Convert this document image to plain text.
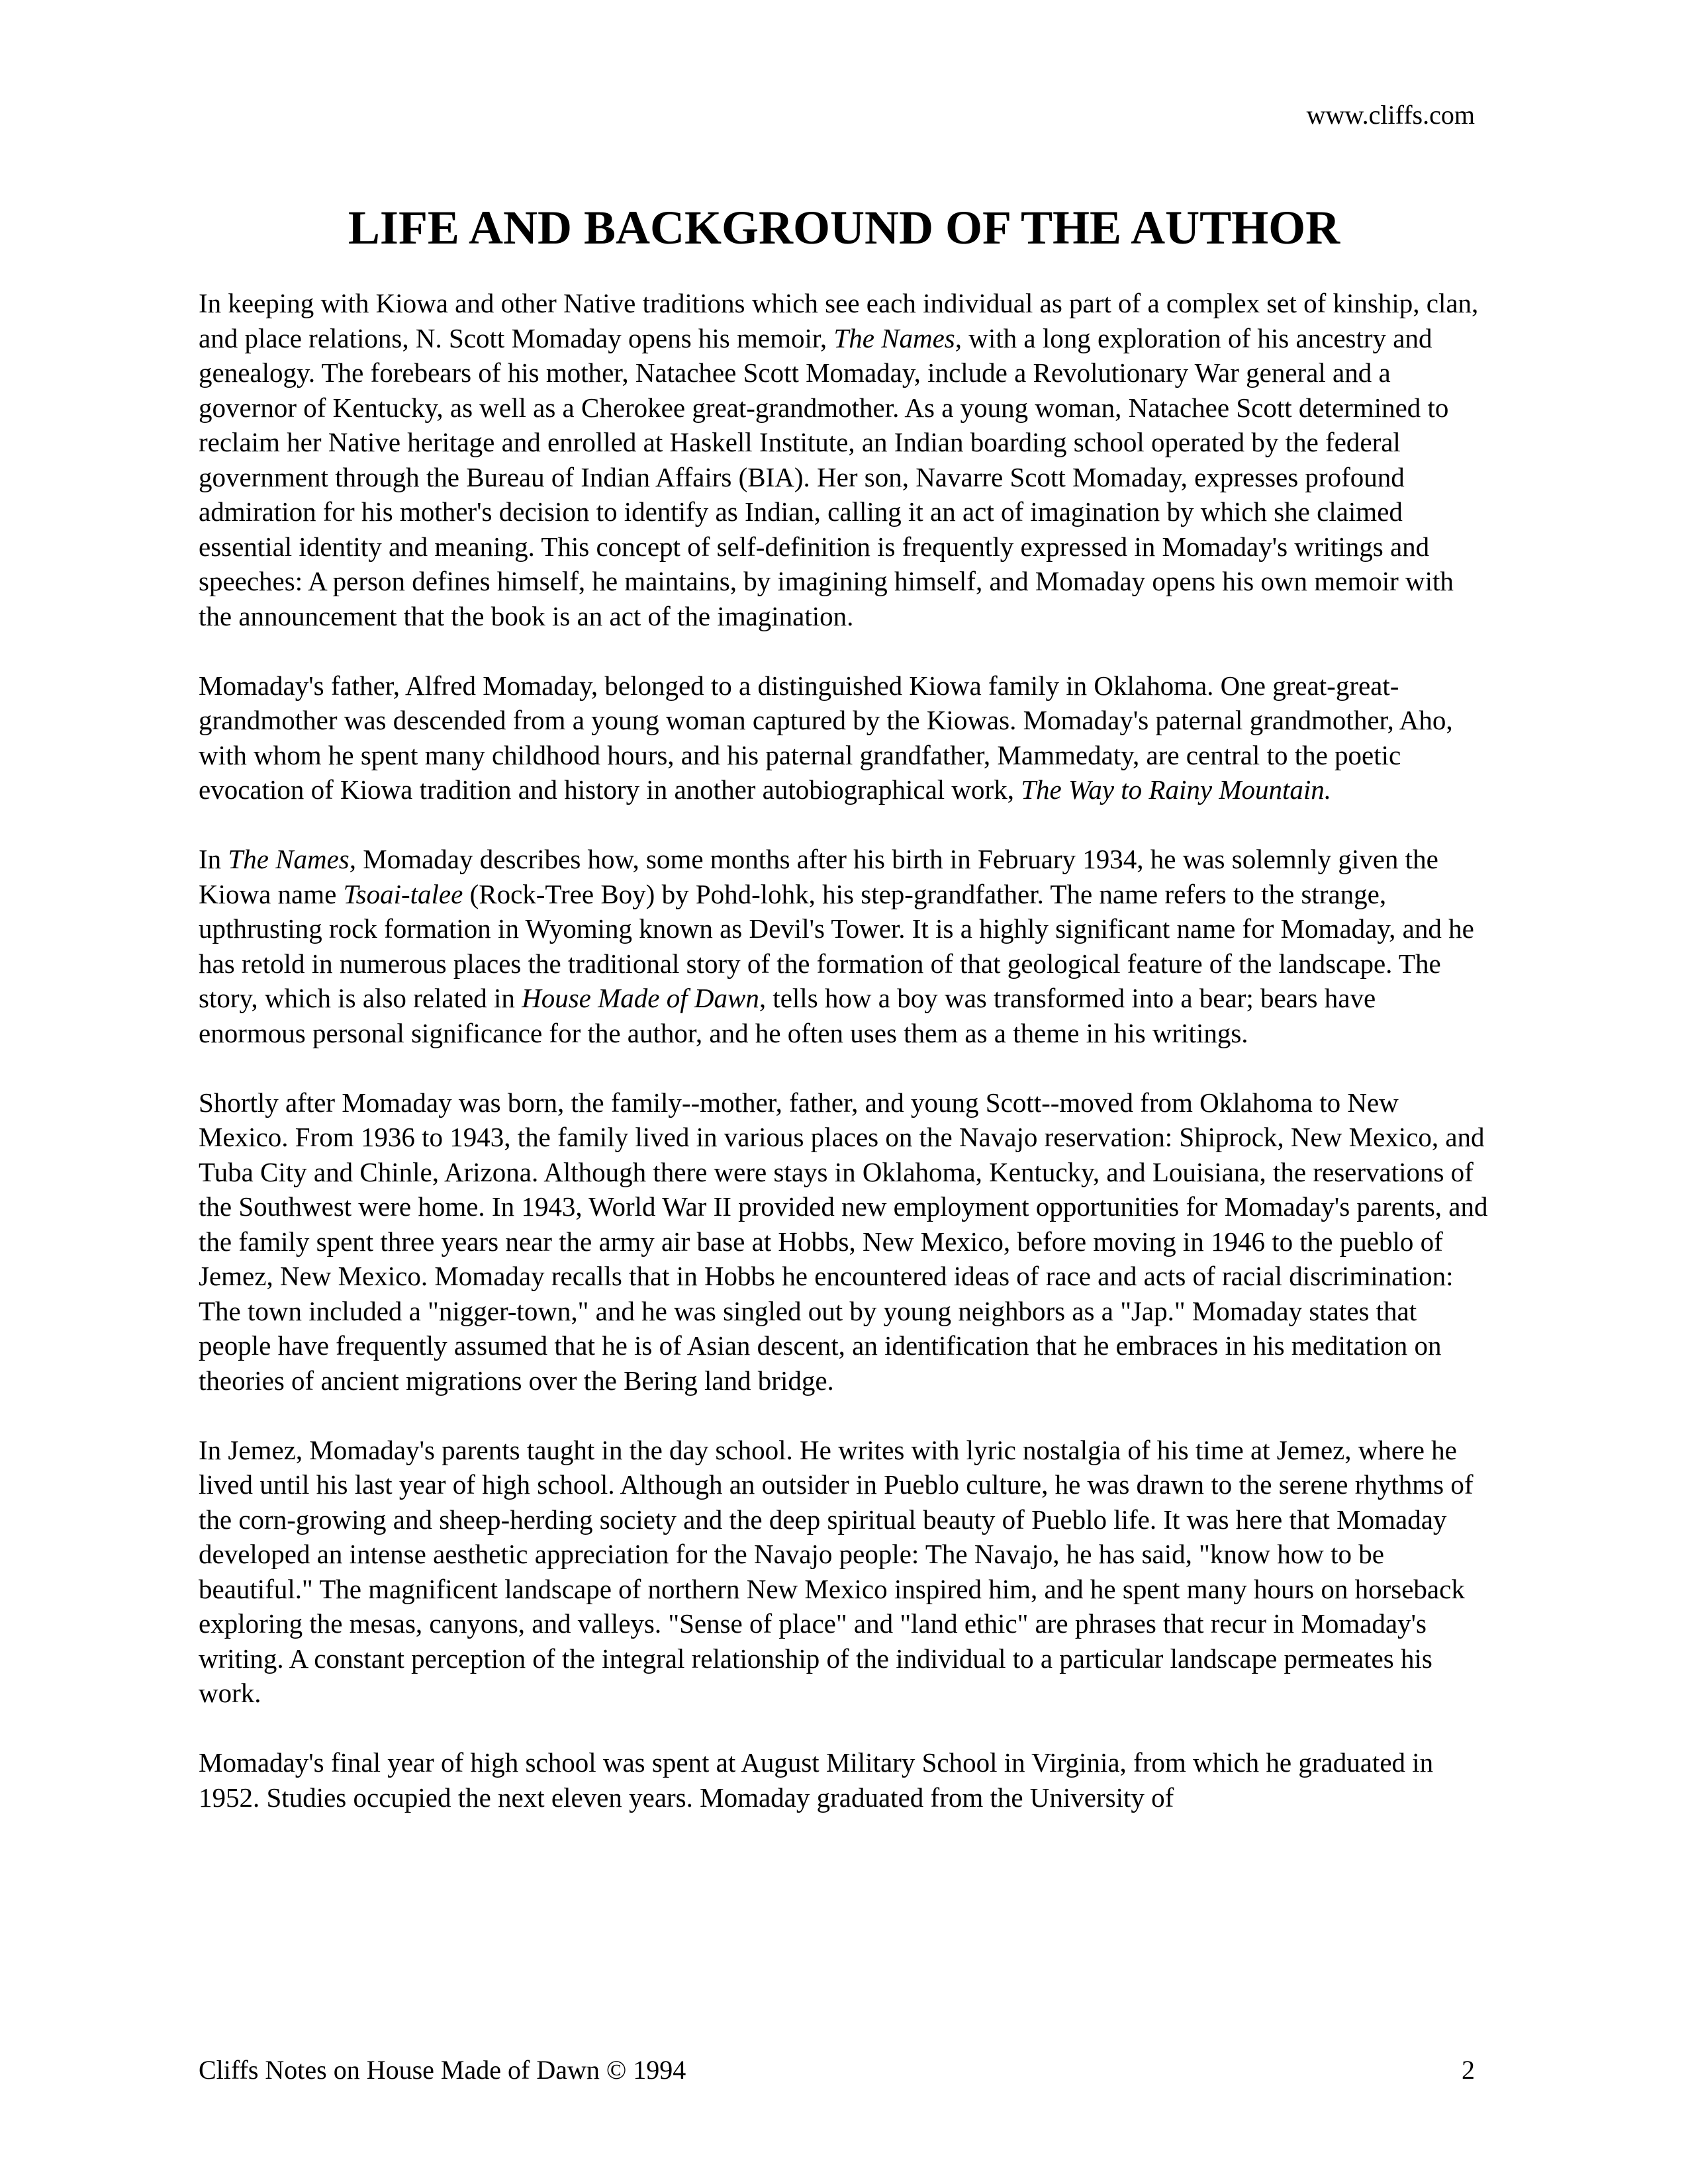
www.cliffs.com
LIFE AND BACKGROUND OF THE AUTHOR

In keeping with Kiowa and other Native traditions which see each individual as part of a complex set of kinship, clan, and place relations, N. Scott Momaday opens his memoir, The Names, with a long exploration of his ancestry and genealogy. The forebears of his mother, Natachee Scott Momaday, include a Revolutionary War general and a governor of Kentucky, as well as a Cherokee great-grandmother. As a young woman, Natachee Scott determined to reclaim her Native heritage and enrolled at Haskell Institute, an Indian boarding school operated by the federal government through the Bureau of Indian Affairs (BIA). Her son, Navarre Scott Momaday, expresses profound admiration for his mother's decision to identify as Indian, calling it an act of imagination by which she claimed essential identity and meaning. This concept of self-definition is frequently expressed in Momaday's writings and speeches: A person defines himself, he maintains, by imagining himself, and Momaday opens his own memoir with the announcement that the book is an act of the imagination.

Momaday's father, Alfred Momaday, belonged to a distinguished Kiowa family in Oklahoma. One great-great-grandmother was descended from a young woman captured by the Kiowas. Momaday's paternal grandmother, Aho, with whom he spent many childhood hours, and his paternal grandfather, Mammedaty, are central to the poetic evocation of Kiowa tradition and history in another autobiographical work, The Way to Rainy Mountain.

In The Names, Momaday describes how, some months after his birth in February 1934, he was solemnly given the Kiowa name Tsoai-talee (Rock-Tree Boy) by Pohd-lohk, his step-grandfather. The name refers to the strange, upthrusting rock formation in Wyoming known as Devil's Tower. It is a highly significant name for Momaday, and he has retold in numerous places the traditional story of the formation of that geological feature of the landscape. The story, which is also related in House Made of Dawn, tells how a boy was transformed into a bear; bears have enormous personal significance for the author, and he often uses them as a theme in his writings.

Shortly after Momaday was born, the family--mother, father, and young Scott--moved from Oklahoma to New Mexico. From 1936 to 1943, the family lived in various places on the Navajo reservation: Shiprock, New Mexico, and Tuba City and Chinle, Arizona. Although there were stays in Oklahoma, Kentucky, and Louisiana, the reservations of the Southwest were home. In 1943, World War II provided new employment opportunities for Momaday's parents, and the family spent three years near the army air base at Hobbs, New Mexico, before moving in 1946 to the pueblo of Jemez, New Mexico. Momaday recalls that in Hobbs he encountered ideas of race and acts of racial discrimination: The town included a "nigger-town," and he was singled out by young neighbors as a "Jap." Momaday states that people have frequently assumed that he is of Asian descent, an identification that he embraces in his meditation on theories of ancient migrations over the Bering land bridge.

In Jemez, Momaday's parents taught in the day school. He writes with lyric nostalgia of his time at Jemez, where he lived until his last year of high school. Although an outsider in Pueblo culture, he was drawn to the serene rhythms of the corn-growing and sheep-herding society and the deep spiritual beauty of Pueblo life. It was here that Momaday developed an intense aesthetic appreciation for the Navajo people: The Navajo, he has said, "know how to be beautiful." The magnificent landscape of northern New Mexico inspired him, and he spent many hours on horseback exploring the mesas, canyons, and valleys. "Sense of place" and "land ethic" are phrases that recur in Momaday's writing. A constant perception of the integral relationship of the individual to a particular landscape permeates his work.

Momaday's final year of high school was spent at August Military School in Virginia, from which he graduated in 1952. Studies occupied the next eleven years. Momaday graduated from the University of

Cliffs Notes on House Made of Dawn © 1994	2
